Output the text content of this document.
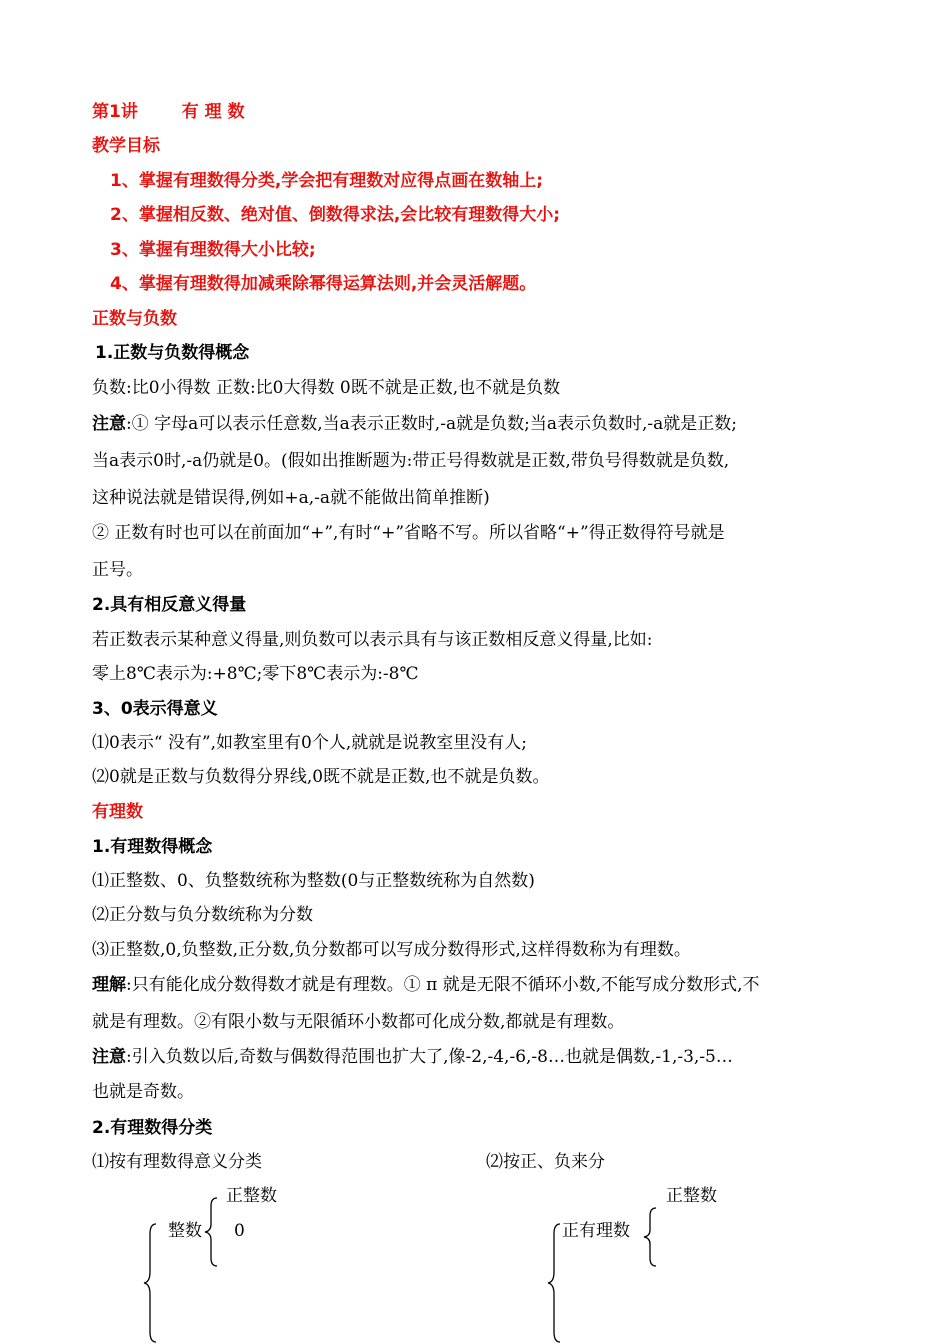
第1讲	有 理 数
教学目标
1、掌握有理数得分类,学会把有理数对应得点画在数轴上;
2、掌握相反数、绝对值、倒数得求法,会比较有理数得大小;
3、掌握有理数得大小比较;
4、掌握有理数得加减乘除幂得运算法则,并会灵活解题。
正数与负数
1.正数与负数得概念
负数:比0小得数 正数:比0大得数 0既不就是正数,也不就是负数
注意:① 字母a可以表示任意数,当a表示正数时,-a就是负数;当a表示负数时,-a就是正数;
当a表示0时,-a仍就是0。(假如出推断题为:带正号得数就是正数,带负号得数就是负数,
这种说法就是错误得,例如+a,-a就不能做出简单推断)
② 正数有时也可以在前面加“+”,有时“+”省略不写。所以省略“+”得正数得符号就是
正号。
2.具有相反意义得量
若正数表示某种意义得量,则负数可以表示具有与该正数相反意义得量,比如:
零上8℃表示为:+8℃;零下8℃表示为:-8℃
3、0表示得意义
⑴0表示“ 没有”,如教室里有0个人,就就是说教室里没有人;
⑵0就是正数与负数得分界线,0既不就是正数,也不就是负数。
有理数
1.有理数得概念
⑴正整数、0、负整数统称为整数(0与正整数统称为自然数)
⑵正分数与负分数统称为分数
⑶正整数,0,负整数,正分数,负分数都可以写成分数得形式,这样得数称为有理数。
理解:只有能化成分数得数才就是有理数。① π 就是无限不循环小数,不能写成分数形式,不
就是有理数。②有限小数与无限循环小数都可化成分数,都就是有理数。
注意:引入负数以后,奇数与偶数得范围也扩大了,像-2,-4,-6,-8…也就是偶数,-1,-3,-5…
也就是奇数。
2.有理数得分类
⑴按有理数得意义分类	⑵按正、负来分
整数
正整数
0	正有理数
正整数
